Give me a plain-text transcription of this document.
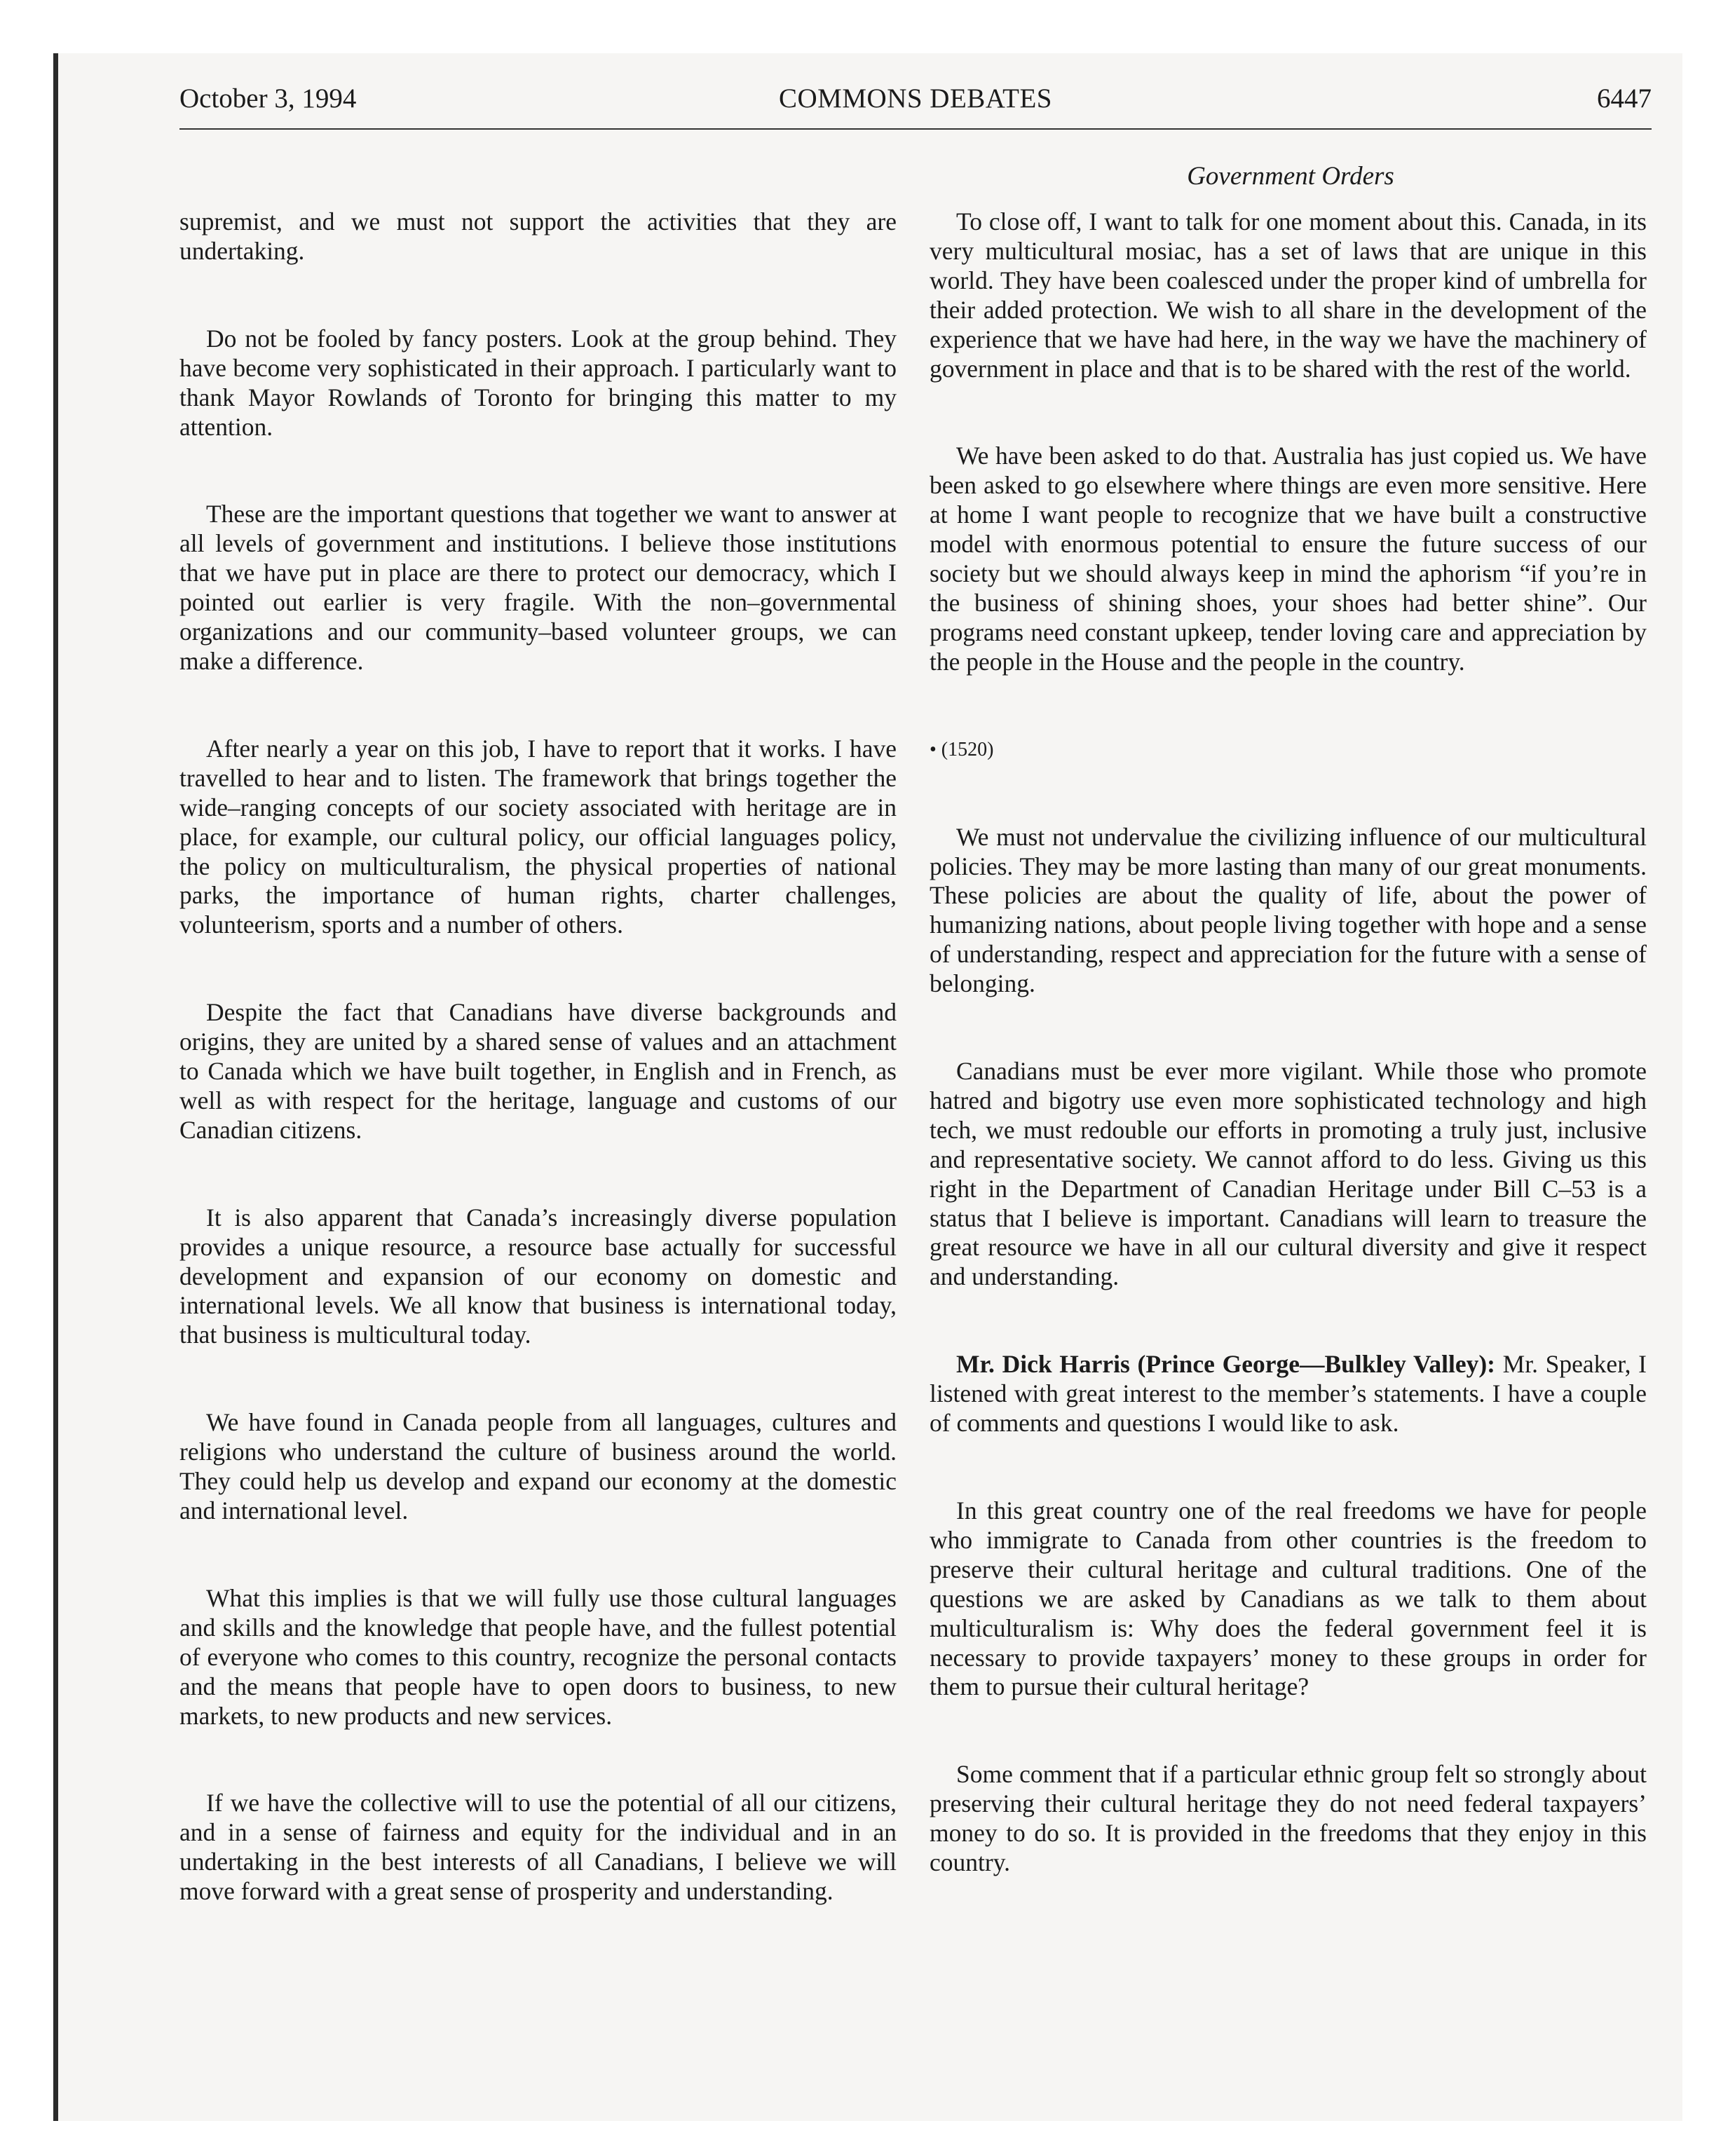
October 3, 1994	COMMONS DEBATES	6447
Government Orders

supremist, and we must not support the activities that they are undertaking.

Do not be fooled by fancy posters. Look at the group behind. They have become very sophisticated in their approach. I particularly want to thank Mayor Rowlands of Toronto for bringing this matter to my attention.

These are the important questions that together we want to answer at all levels of government and institutions. I believe those institutions that we have put in place are there to protect our democracy, which I pointed out earlier is very fragile. With the non–governmental organizations and our community–based volunteer groups, we can make a difference.

After nearly a year on this job, I have to report that it works. I have travelled to hear and to listen. The framework that brings together the wide–ranging concepts of our society associated with heritage are in place, for example, our cultural policy, our official languages policy, the policy on multiculturalism, the physical properties of national parks, the importance of human rights, charter challenges, volunteerism, sports and a number of others.

Despite the fact that Canadians have diverse backgrounds and origins, they are united by a shared sense of values and an attachment to Canada which we have built together, in English and in French, as well as with respect for the heritage, language and customs of our Canadian citizens.

It is also apparent that Canada’s increasingly diverse population provides a unique resource, a resource base actually for successful development and expansion of our economy on domestic and international levels. We all know that business is international today, that business is multicultural today.

We have found in Canada people from all languages, cultures and religions who understand the culture of business around the world. They could help us develop and expand our economy at the domestic and international level.

What this implies is that we will fully use those cultural languages and skills and the knowledge that people have, and the fullest potential of everyone who comes to this country, recognize the personal contacts and the means that people have to open doors to business, to new markets, to new products and new services.

If we have the collective will to use the potential of all our citizens, and in a sense of fairness and equity for the individual and in an undertaking in the best interests of all Canadians, I believe we will move forward with a great sense of prosperity and understanding.

To close off, I want to talk for one moment about this. Canada, in its very multicultural mosiac, has a set of laws that are unique in this world. They have been coalesced under the proper kind of umbrella for their added protection. We wish to all share in the development of the experience that we have had here, in the way we have the machinery of government in place and that is to be shared with the rest of the world.

We have been asked to do that. Australia has just copied us. We have been asked to go elsewhere where things are even more sensitive. Here at home I want people to recognize that we have built a constructive model with enormous potential to ensure the future success of our society but we should always keep in mind the aphorism “if you’re in the business of shining shoes, your shoes had better shine”. Our programs need constant upkeep, tender loving care and appreciation by the people in the House and the people in the country.

• (1520)

We must not undervalue the civilizing influence of our multicultural policies. They may be more lasting than many of our great monuments. These policies are about the quality of life, about the power of humanizing nations, about people living together with hope and a sense of understanding, respect and appreciation for the future with a sense of belonging.

Canadians must be ever more vigilant. While those who promote hatred and bigotry use even more sophisticated technology and high tech, we must redouble our efforts in promoting a truly just, inclusive and representative society. We cannot afford to do less. Giving us this right in the Department of Canadian Heritage under Bill C–53 is a status that I believe is important. Canadians will learn to treasure the great resource we have in all our cultural diversity and give it respect and understanding.

Mr. Dick Harris (Prince George—Bulkley Valley): Mr. Speaker, I listened with great interest to the member’s statements. I have a couple of comments and questions I would like to ask.

In this great country one of the real freedoms we have for people who immigrate to Canada from other countries is the freedom to preserve their cultural heritage and cultural traditions. One of the questions we are asked by Canadians as we talk to them about multiculturalism is: Why does the federal government feel it is necessary to provide taxpayers’ money to these groups in order for them to pursue their cultural heritage?

Some comment that if a particular ethnic group felt so strongly about preserving their cultural heritage they do not need federal taxpayers’ money to do so. It is provided in the freedoms that they enjoy in this country.
